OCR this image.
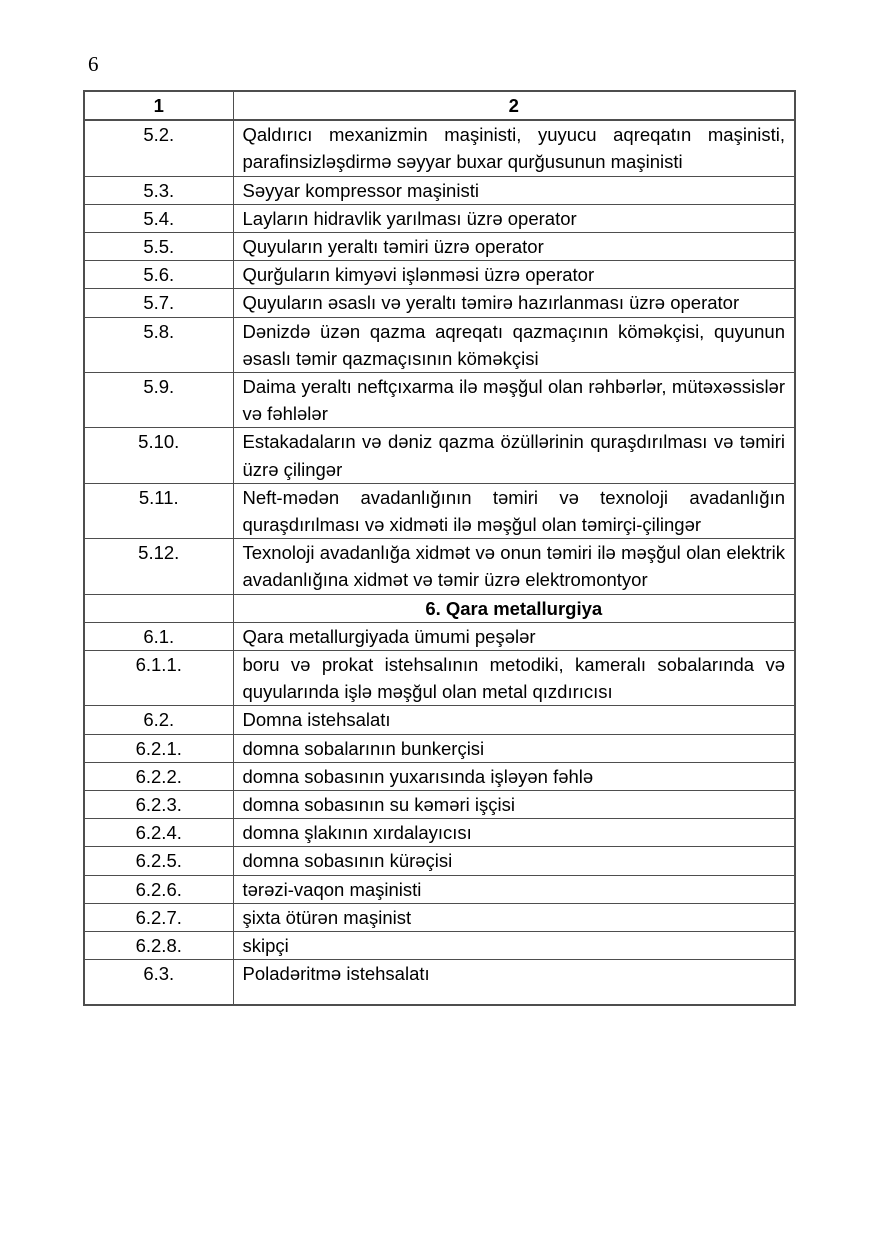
6
1	2
5.2.	Qaldırıcı mexanizmin maşinisti, yuyucu aqreqatın maşinisti, parafinsizləşdirmə səyyar buxar qurğusunun maşinisti
5.3.	Səyyar kompressor maşinisti
5.4.	Layların hidravlik yarılması üzrə operator
5.5.	Quyuların yeraltı təmiri üzrə operator
5.6.	Qurğuların kimyəvi işlənməsi üzrə operator
5.7.	Quyuların əsaslı və yeraltı təmirə hazırlanması üzrə operator
5.8.	Dənizdə üzən qazma aqreqatı qazmaçının köməkçisi, quyunun əsaslı təmir qazmaçısının köməkçisi
5.9.	Daima yeraltı neftçıxarma ilə məşğul olan rəhbərlər, mütəxəssislər və fəhlələr
5.10.	Estakadaların və dəniz qazma özüllərinin quraşdırılması və təmiri üzrə çilingər
5.11.	Neft-mədən avadanlığının təmiri və texnoloji avadanlığın quraşdırılması və xidməti ilə məşğul olan təmirçi-çilingər
5.12.	Texnoloji avadanlığa xidmət və onun təmiri ilə məşğul olan elektrik avadanlığına xidmət və təmir üzrə elektromontyor
	6. Qara metallurgiya
6.1.	Qara metallurgiyada ümumi peşələr
6.1.1.	boru və prokat istehsalının metodiki, kameralı sobalarında və quyularında işlə məşğul olan metal qızdırıcısı
6.2.	Domna istehsalatı
6.2.1.	domna sobalarının bunkerçisi
6.2.2.	domna sobasının yuxarısında işləyən fəhlə
6.2.3.	domna sobasının su kəməri işçisi
6.2.4.	domna şlakının xırdalayıcısı
6.2.5.	domna sobasının kürəçisi
6.2.6.	tərəzi-vaqon maşinisti
6.2.7.	şixta ötürən maşinist
6.2.8.	skipçi
6.3.	Poladəritmə istehsalatı
